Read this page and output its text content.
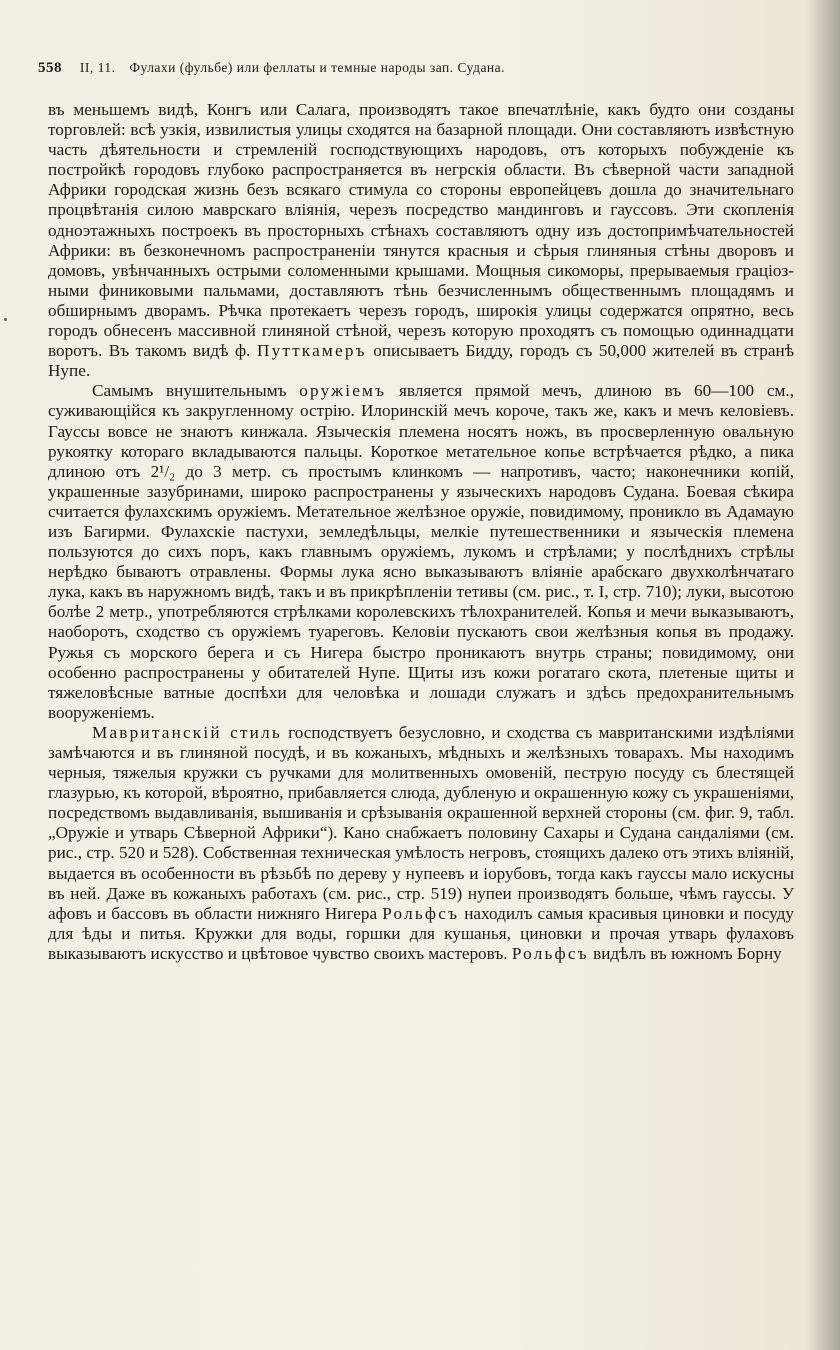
558 II, 11. Фулахи (фульбе) или феллаты и темные народы зап. Судана.

въ меньшемъ видѣ, Конгъ или Салага, производятъ такое впечатлѣніе, какъ будто они созданы торговлей: всѣ узкія, извилистыя улицы сходятся на базарной площади. Они составляютъ извѣстную часть дѣятельности и стремленій господствующихъ народовъ, отъ которыхъ побужденіе къ постройкѣ городовъ глубоко распространяется въ негрскія области. Въ сѣверной части западной Африки городская жизнь безъ всякаго стимула со стороны европейцевъ дошла до значительнаго процвѣтанія силою маврскаго вліянія, черезъ посредство мандинговъ и гауссовъ. Эти скопленія одноэтажныхъ построекъ въ просторныхъ стѣнахъ составляютъ одну изъ достопримѣчательностей Африки: въ безконечномъ распространеніи тянутся красныя и сѣрыя глиняныя стѣны дворовъ и домовъ, увѣнчанныхъ острыми соломенными крышами. Мощныя сикоморы, прерываемыя граціозными финиковыми пальмами, доставляютъ тѣнь безчисленнымъ общественнымъ площадямъ и обширнымъ дворамъ. Рѣчка протекаетъ черезъ городъ, широкія улицы содержатся опрятно, весь городъ обнесенъ массивной глиняной стѣной, черезъ которую проходятъ съ помощью одиннадцати воротъ. Въ такомъ видѣ ф. Путткамеръ описываетъ Бидду, городъ съ 50,000 жителей въ странѣ Нупе.

Самымъ внушительнымъ оружіемъ является прямой мечъ, длиною въ 60—100 см., суживающійся къ закругленному острію. Илоринскій мечъ короче, такъ же, какъ и мечъ келовіевъ. Гауссы вовсе не знаютъ кинжала. Языческія племена носятъ ножъ, въ просверленную овальную рукоятку котораго вкладываются пальцы. Короткое метательное копье встрѣчается рѣдко, а пика длиною отъ 2¹/₂ до 3 метр. съ простымъ клинкомъ — напротивъ, часто; наконечники копій, украшенные зазубринами, широко распространены у языческихъ народовъ Судана. Боевая сѣкира считается фулахскимъ оружіемъ. Метательное желѣзное оружіе, повидимому, проникло въ Адамаую изъ Багирми. Фулахскіе пастухи, земледѣльцы, мелкіе путешественники и языческія племена пользуются до сихъ поръ, какъ главнымъ оружіемъ, лукомъ и стрѣлами; у послѣднихъ стрѣлы нерѣдко бываютъ отравлены. Формы лука ясно выказываютъ вліяніе арабскаго двухколѣнчатаго лука, какъ въ наружномъ видѣ, такъ и въ прикрѣпленіи тетивы (см. рис., т. I, стр. 710); луки, высотою болѣе 2 метр., употребляются стрѣлками королевскихъ тѣлохранителей. Копья и мечи выказываютъ, наоборотъ, сходство съ оружіемъ туареговъ. Келовіи пускаютъ свои желѣзныя копья въ продажу. Ружья съ морского берега и съ Нигера быстро проникаютъ внутрь страны; повидимому, они особенно распространены у обитателей Нупе. Щиты изъ кожи рогатаго скота, плетеные щиты и тяжеловѣсные ватные доспѣхи для человѣка и лошади служатъ и здѣсь предохранительнымъ вооруженіемъ.

Мавританскій стиль господствуетъ безусловно, и сходства съ мавританскими издѣліями замѣчаются и въ глиняной посудѣ, и въ кожаныхъ, мѣдныхъ и желѣзныхъ товарахъ. Мы находимъ черныя, тяжелыя кружки съ ручками для молитвенныхъ омовеній, пеструю посуду съ блестящей глазурью, къ которой, вѣроятно, прибавляется слюда, дубленую и окрашенную кожу съ украшеніями, посредствомъ выдавливанія, вышиванія и срѣзыванія окрашенной верхней стороны (см. фиг. 9, табл. „Оружіе и утварь Сѣверной Африки“). Кано снабжаетъ половину Сахары и Судана сандаліями (см. рис., стр. 520 и 528). Собственная техническая умѣлость негровъ, стоящихъ далеко отъ этихъ вліяній, выдается въ особенности въ рѣзьбѣ по дереву у нупеевъ и іорубовъ, тогда какъ гауссы мало искусны въ ней. Даже въ кожаныхъ работахъ (см. рис., стр. 519) нупеи производятъ больше, чѣмъ гауссы. У афовъ и бассовъ въ области нижняго Нигера Рольфсъ находилъ самыя красивыя циновки и посуду для ѣды и питья. Кружки для воды, горшки для кушанья, циновки и прочая утварь фулаховъ выказываютъ искусство и цвѣтовое чувство своихъ мастеровъ. Рольфсъ видѣлъ въ южномъ Борну
